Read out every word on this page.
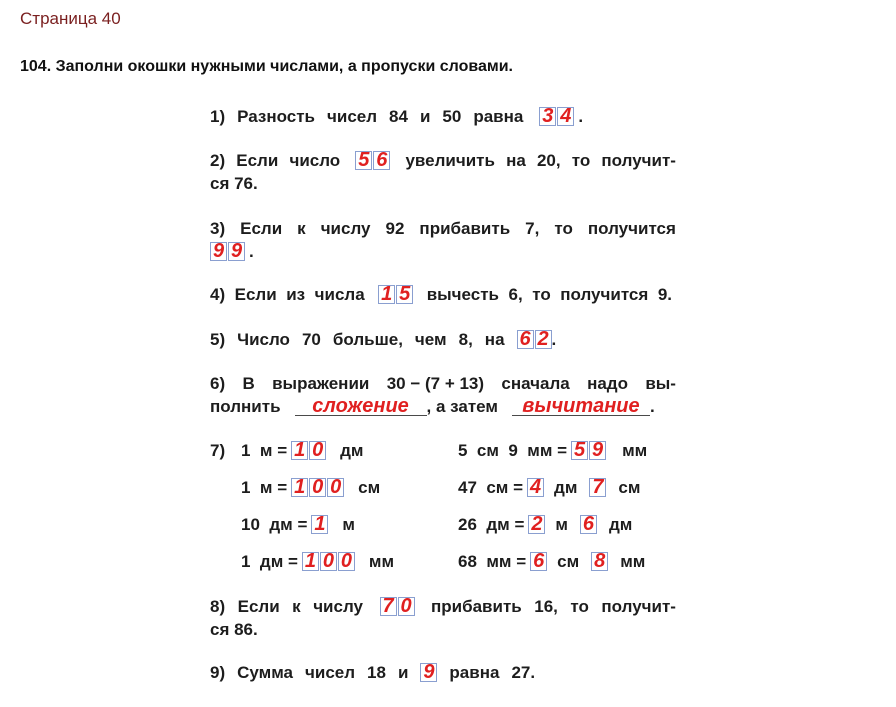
Страница 40
104. Заполни окошки нужными числами, а пропуски словами.
1) Разность чисел 84 и 50 равна 3 4 .
2) Если число 5 6 увеличить на 20, то получит-
ся 76.
3) Если к числу 92 прибавить 7, то получится
9 9 .
4) Если из числа 1 5 вычесть 6, то получится 9.
5) Число 70 больше, чем 8, на 6 2 .
6) В выражении 30 − (7 + 13) сначала надо вы-
полнить сложение , а затем вычитание .
7) 1  м = 1 0 дм	5  см  9  мм = 5 9 мм
1  м = 1 0 0 см	47  см = 4 дм 7 см
10  дм = 1 м	26  дм = 2 м 6 дм
1  дм = 1 0 0 мм	68  мм = 6 см 8 мм
8) Если к числу 7 0 прибавить 16, то получит-
ся 86.
9) Сумма чисел 18 и 9 равна 27.
